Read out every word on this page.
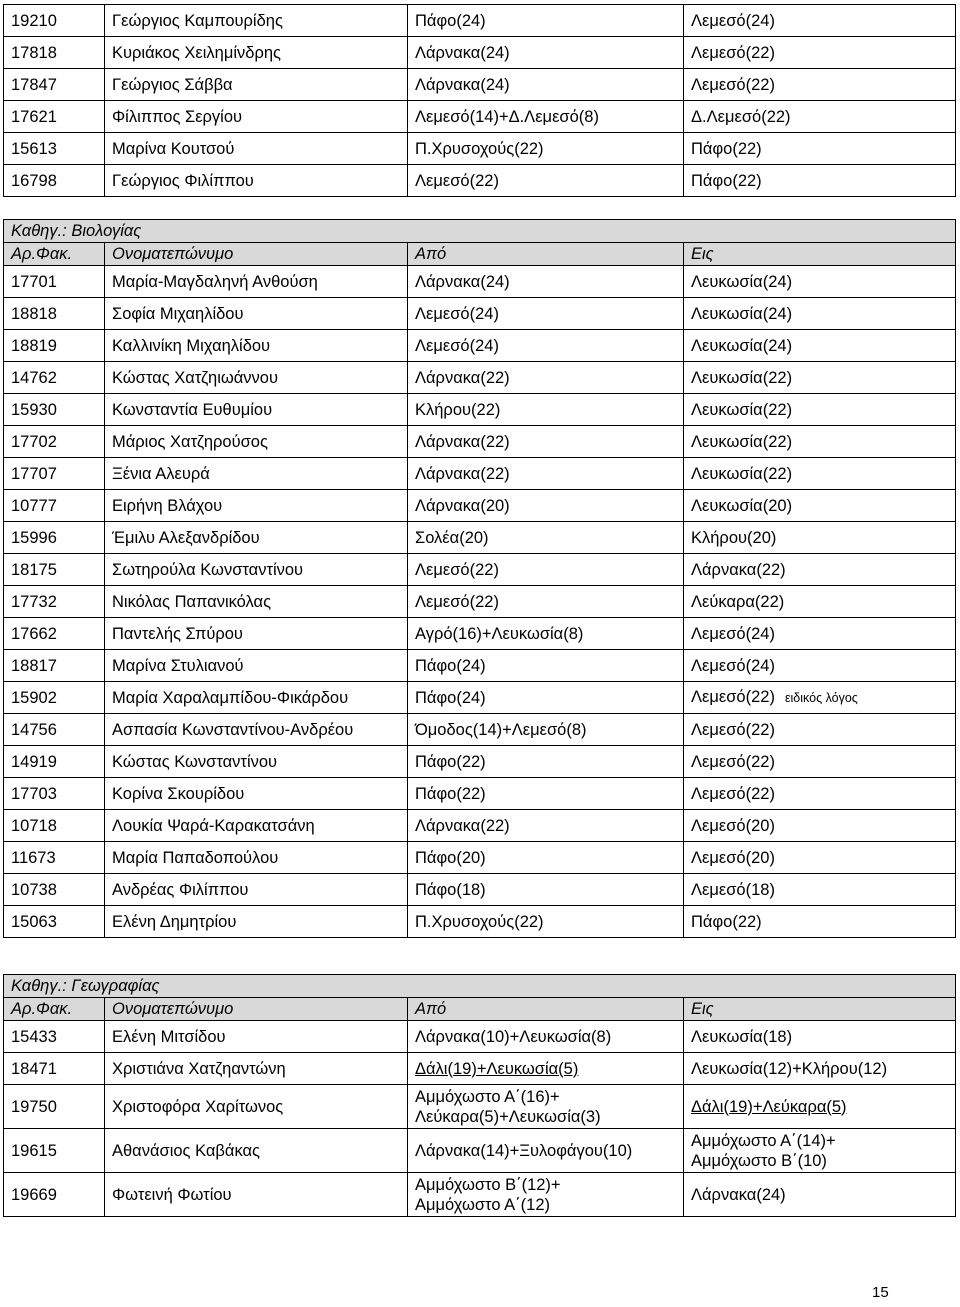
19210	Γεώργιος Καμπουρίδης	Πάφο(24)	Λεμεσό(24)
17818	Κυριάκος Χειλημίνδρης	Λάρνακα(24)	Λεμεσό(22)
17847	Γεώργιος Σάββα	Λάρνακα(24)	Λεμεσό(22)
17621	Φίλιππος Σεργίου	Λεμεσό(14)+Δ.Λεμεσό(8)	Δ.Λεμεσό(22)
15613	Μαρίνα Κουτσού	Π.Χρυσοχούς(22)	Πάφο(22)
16798	Γεώργιος Φιλίππου	Λεμεσό(22)	Πάφο(22)
Καθηγ.: Βιολογίας			
Αρ.Φακ.	Ονοματεπώνυμο	Από	Εις
17701	Μαρία-Μαγδαληνή Ανθούση	Λάρνακα(24)	Λευκωσία(24)
18818	Σοφία Μιχαηλίδου	Λεμεσό(24)	Λευκωσία(24)
18819	Καλλινίκη Μιχαηλίδου	Λεμεσό(24)	Λευκωσία(24)
14762	Κώστας Χατζηιωάννου	Λάρνακα(22)	Λευκωσία(22)
15930	Κωνσταντία Ευθυμίου	Κλήρου(22)	Λευκωσία(22)
17702	Μάριος Χατζηρούσος	Λάρνακα(22)	Λευκωσία(22)
17707	Ξένια Αλευρά	Λάρνακα(22)	Λευκωσία(22)
10777	Ειρήνη Βλάχου	Λάρνακα(20)	Λευκωσία(20)
15996	Έμιλυ Αλεξανδρίδου	Σολέα(20)	Κλήρου(20)
18175	Σωτηρούλα Κωνσταντίνου	Λεμεσό(22)	Λάρνακα(22)
17732	Νικόλας Παπανικόλας	Λεμεσό(22)	Λεύκαρα(22)
17662	Παντελής Σπύρου	Αγρό(16)+Λευκωσία(8)	Λεμεσό(24)
18817	Μαρίνα Στυλιανού	Πάφο(24)	Λεμεσό(24)
15902	Μαρία Χαραλαμπίδου-Φικάρδου	Πάφο(24)	Λεμεσό(22) ειδικός λόγος
14756	Ασπασία Κωνσταντίνου-Ανδρέου	Όμοδος(14)+Λεμεσό(8)	Λεμεσό(22)
14919	Κώστας Κωνσταντίνου	Πάφο(22)	Λεμεσό(22)
17703	Κορίνα Σκουρίδου	Πάφο(22)	Λεμεσό(22)
10718	Λουκία Ψαρά-Καρακατσάνη	Λάρνακα(22)	Λεμεσό(20)
11673	Μαρία Παπαδοπούλου	Πάφο(20)	Λεμεσό(20)
10738	Ανδρέας Φιλίππου	Πάφο(18)	Λεμεσό(18)
15063	Ελένη Δημητρίου	Π.Χρυσοχούς(22)	Πάφο(22)
Καθηγ.: Γεωγραφίας			
Αρ.Φακ.	Ονοματεπώνυμο	Από	Εις
15433	Ελένη Μιτσίδου	Λάρνακα(10)+Λευκωσία(8)	Λευκωσία(18)
18471	Χριστιάνα Χατζηαντώνη	Δάλι(19)+Λευκωσία(5)	Λευκωσία(12)+Κλήρου(12)
19750	Χριστοφόρα Χαρίτωνος	Αμμόχωστο Α΄(16)+
Λεύκαρα(5)+Λευκωσία(3)	Δάλι(19)+Λεύκαρα(5)
19615	Αθανάσιος Καβάκας	Λάρνακα(14)+Ξυλοφάγου(10)	Αμμόχωστο Α΄(14)+
Αμμόχωστο Β΄(10)

19669	Φωτεινή Φωτίου	Αμμόχωστο Β΄(12)+
Αμμόχωστο Α΄(12)	Λάρνακα(24)
15
